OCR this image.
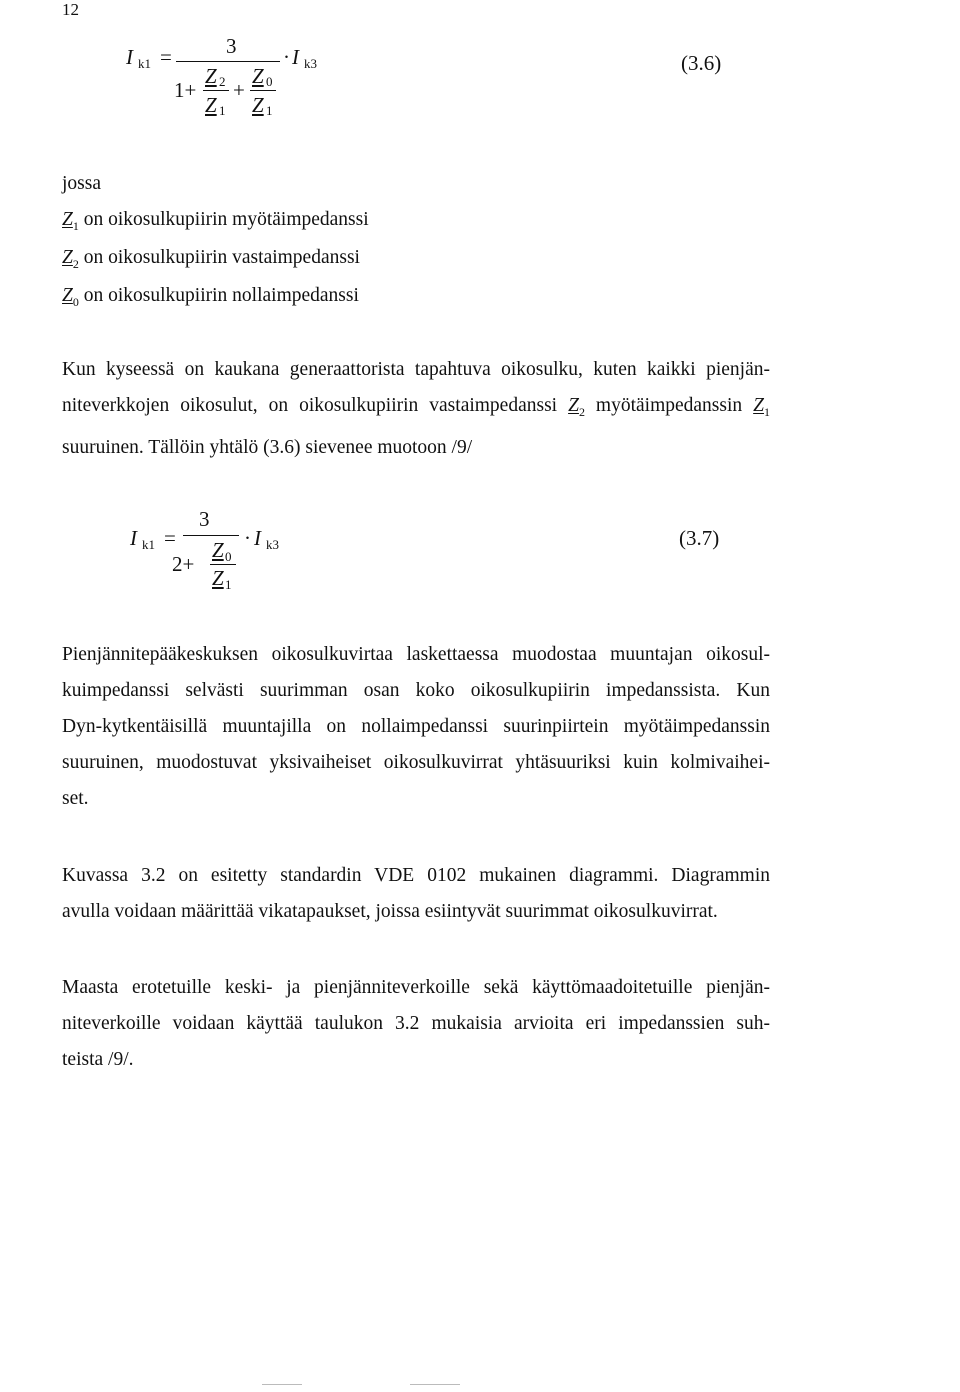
12
I k1 =	3
1+
Z 2
Z 1
+
Z 0
Z 1
· I k3	(3.6)
jossa
$Z_1$ on oikosulkupiirin myötäimpedanssi
$Z_2$ on oikosulkupiirin vastaimpedanssi
$Z_0$ on oikosulkupiirin nollaimpedanssi
Kun kyseessä on kaukana generaattorista tapahtuva oikosulku, kuten kaikki pienjän-
niteverkkojen oikosulut, on oikosulkupiirin vastaimpedanssi $Z_2$ myötäimpedanssin $Z_1$
suuruinen. Tällöin yhtälö (3.6) sievenee muotoon /9/
I k1 =
3
2+
Z 0
Z 1
· I k3	(3.7)
Pienjännitepääkeskuksen oikosulkuvirtaa laskettaessa muodostaa muuntajan oikosul-
kuimpedanssi selvästi suurimman osan koko oikosulkupiirin impedanssista. Kun
Dyn-kytkentäisillä muuntajilla on nollaimpedanssi suurinpiirtein myötäimpedanssin
suuruinen, muodostuvat yksivaiheiset oikosulkuvirrat yhtäsuuriksi kuin kolmivaihei-
set.
Kuvassa 3.2 on esitetty standardin VDE 0102 mukainen diagrammi. Diagrammin
avulla voidaan määrittää vikatapaukset, joissa esiintyvät suurimmat oikosulkuvirrat.
Maasta erotetuille keski- ja pienjänniteverkoille sekä käyttömaadoitetuille pienjän-
niteverkoille voidaan käyttää taulukon 3.2 mukaisia arvioita eri impedanssien suh-
teista /9/.
